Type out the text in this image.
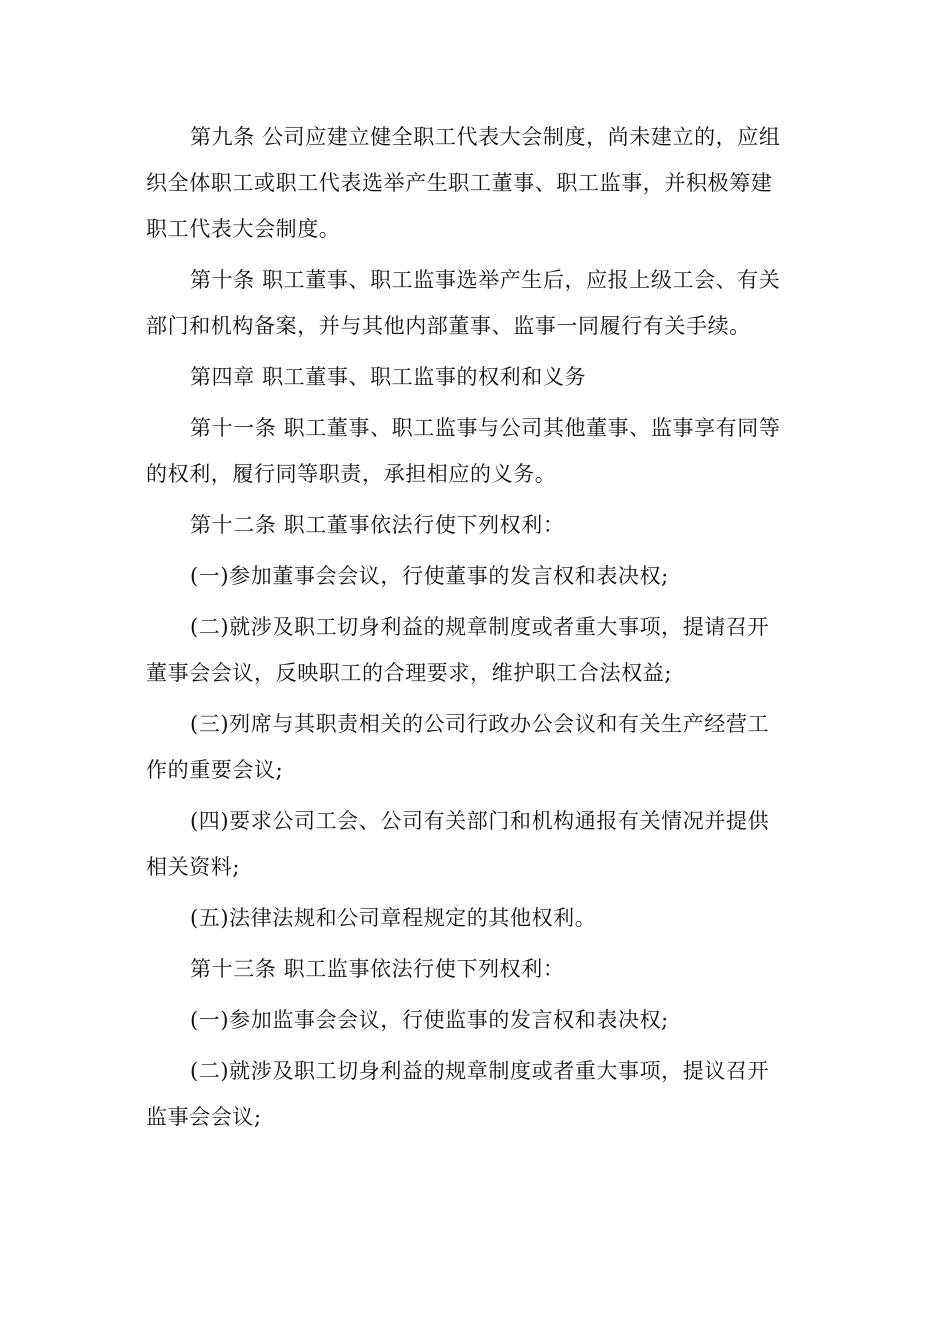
第九条 公司应建立健全职工代表大会制度，尚未建立的，应组
织全体职工或职工代表选举产生职工董事、职工监事，并积极筹建
职工代表大会制度。

第十条 职工董事、职工监事选举产生后，应报上级工会、有关
部门和机构备案，并与其他内部董事、监事一同履行有关手续。

第四章 职工董事、职工监事的权利和义务

第十一条 职工董事、职工监事与公司其他董事、监事享有同等
的权利，履行同等职责，承担相应的义务。

第十二条 职工董事依法行使下列权利：

(一)参加董事会会议，行使董事的发言权和表决权;

(二)就涉及职工切身利益的规章制度或者重大事项，提请召开
董事会会议，反映职工的合理要求，维护职工合法权益;

(三)列席与其职责相关的公司行政办公会议和有关生产经营工
作的重要会议;

(四)要求公司工会、公司有关部门和机构通报有关情况并提供
相关资料;

(五)法律法规和公司章程规定的其他权利。

第十三条 职工监事依法行使下列权利：

(一)参加监事会会议，行使监事的发言权和表决权;

(二)就涉及职工切身利益的规章制度或者重大事项，提议召开
监事会会议;
